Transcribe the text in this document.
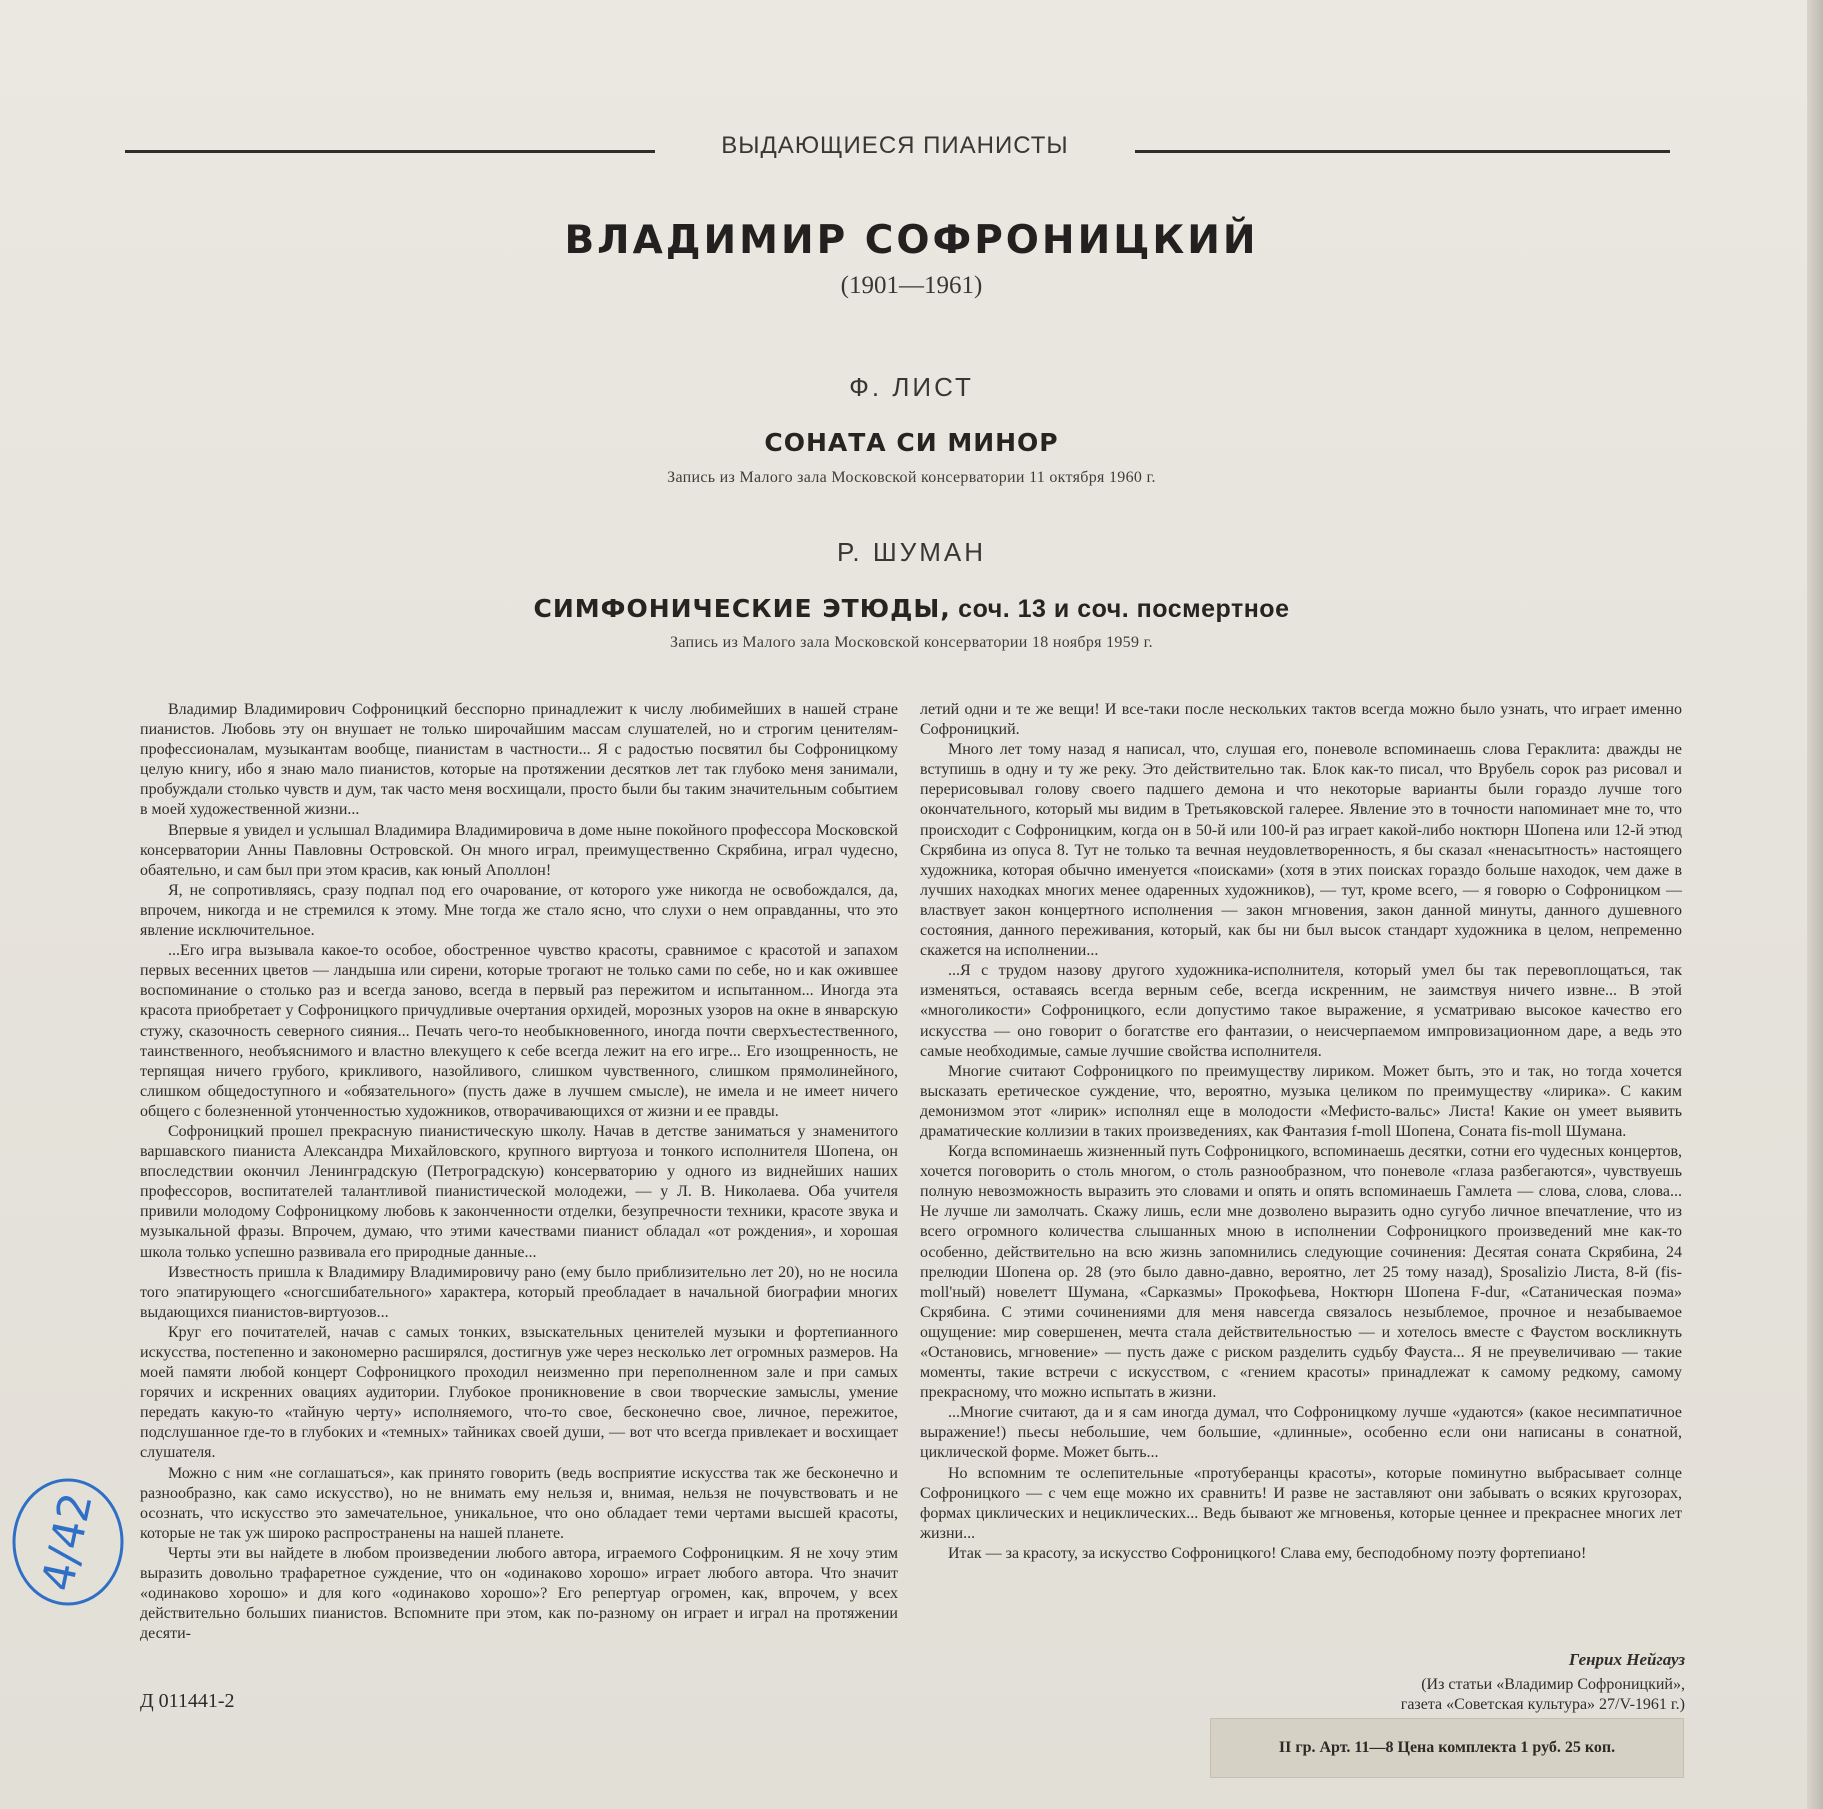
ВЫДАЮЩИЕСЯ ПИАНИСТЫ
ВЛАДИМИР СОФРОНИЦКИЙ
(1901—1961)
Ф. ЛИСТ
СОНАТА СИ МИНОР
Запись из Малого зала Московской консерватории 11 октября 1960 г.
Р. ШУМАН
СИМФОНИЧЕСКИЕ ЭТЮДЫ, соч. 13 и соч. посмертное
Запись из Малого зала Московской консерватории 18 ноября 1959 г.

Владимир Владимирович Софроницкий бесспорно принадлежит к числу любимейших в нашей стране пианистов. Любовь эту он внушает не только широчайшим массам слушателей, но и строгим ценителям-профессионалам, музыкантам вообще, пианистам в частности... Я с радостью посвятил бы Софроницкому целую книгу, ибо я знаю мало пианистов, которые на протяжении десятков лет так глубоко меня занимали, пробуждали столько чувств и дум, так часто меня восхищали, просто были бы таким значительным событием в моей художественной жизни...

Впервые я увидел и услышал Владимира Владимировича в доме ныне покойного профессора Московской консерватории Анны Павловны Островской. Он много играл, преимущественно Скрябина, играл чудесно, обаятельно, и сам был при этом красив, как юный Аполлон!

Я, не сопротивляясь, сразу подпал под его очарование, от которого уже никогда не освобождался, да, впрочем, никогда и не стремился к этому. Мне тогда же стало ясно, что слухи о нем оправданны, что это явление исключительное.

...Его игра вызывала какое-то особое, обостренное чувство красоты, сравнимое с красотой и запахом первых весенних цветов — ландыша или сирени, которые трогают не только сами по себе, но и как ожившее воспоминание о столько раз и всегда заново, всегда в первый раз пережитом и испытанном... Иногда эта красота приобретает у Софроницкого причудливые очертания орхидей, морозных узоров на окне в январскую стужу, сказочность северного сияния... Печать чего-то необыкновенного, иногда почти сверхъестественного, таинственного, необъяснимого и властно влекущего к себе всегда лежит на его игре... Его изощренность, не терпящая ничего грубого, крикливого, назойливого, слишком чувственного, слишком прямолинейного, слишком общедоступного и «обязательного» (пусть даже в лучшем смысле), не имела и не имеет ничего общего с болезненной утонченностью художников, отворачивающихся от жизни и ее правды.

Софроницкий прошел прекрасную пианистическую школу. Начав в детстве заниматься у знаменитого варшавского пианиста Александра Михайловского, крупного виртуоза и тонкого исполнителя Шопена, он впоследствии окончил Ленинградскую (Петроградскую) консерваторию у одного из виднейших наших профессоров, воспитателей талантливой пианистической молодежи, — у Л. В. Николаева. Оба учителя привили молодому Софроницкому любовь к законченности отделки, безупречности техники, красоте звука и музыкальной фразы. Впрочем, думаю, что этими качествами пианист обладал «от рождения», и хорошая школа только успешно развивала его природные данные...

Известность пришла к Владимиру Владимировичу рано (ему было приблизительно лет 20), но не носила того эпатирующего «сногсшибательного» характера, который преобладает в начальной биографии многих выдающихся пианистов-виртуозов...

Круг его почитателей, начав с самых тонких, взыскательных ценителей музыки и фортепианного искусства, постепенно и закономерно расширялся, достигнув уже через несколько лет огромных размеров. На моей памяти любой концерт Софроницкого проходил неизменно при переполненном зале и при самых горячих и искренних овациях аудитории. Глубокое проникновение в свои творческие замыслы, умение передать какую-то «тайную черту» исполняемого, что-то свое, бесконечно свое, личное, пережитое, подслушанное где-то в глубоких и «темных» тайниках своей души, — вот что всегда привлекает и восхищает слушателя.

Можно с ним «не соглашаться», как принято говорить (ведь восприятие искусства так же бесконечно и разнообразно, как само искусство), но не внимать ему нельзя и, внимая, нельзя не почувствовать и не осознать, что искусство это замечательное, уникальное, что оно обладает теми чертами высшей красоты, которые не так уж широко распространены на нашей планете.

Черты эти вы найдете в любом произведении любого автора, играемого Софроницким. Я не хочу этим выразить довольно трафаретное суждение, что он «одинаково хорошо» играет любого автора. Что значит «одинаково хорошо» и для кого «одинаково хорошо»? Его репертуар огромен, как, впрочем, у всех действительно больших пианистов. Вспомните при этом, как по-разному он играет и играл на протяжении десяти-

летий одни и те же вещи! И все-таки после нескольких тактов всегда можно было узнать, что играет именно Софроницкий.

Много лет тому назад я написал, что, слушая его, поневоле вспоминаешь слова Гераклита: дважды не вступишь в одну и ту же реку. Это действительно так. Блок как-то писал, что Врубель сорок раз рисовал и перерисовывал голову своего падшего демона и что некоторые варианты были гораздо лучше того окончательного, который мы видим в Третьяковской галерее. Явление это в точности напоминает мне то, что происходит с Софроницким, когда он в 50-й или 100-й раз играет какой-либо ноктюрн Шопена или 12-й этюд Скрябина из опуса 8. Тут не только та вечная неудовлетворенность, я бы сказал «ненасытность» настоящего художника, которая обычно именуется «поисками» (хотя в этих поисках гораздо больше находок, чем даже в лучших находках многих менее одаренных художников), — тут, кроме всего, — я говорю о Софроницком — властвует закон концертного исполнения — закон мгновения, закон данной минуты, данного душевного состояния, данного переживания, который, как бы ни был высок стандарт художника в целом, непременно скажется на исполнении...

...Я с трудом назову другого художника-исполнителя, который умел бы так перевоплощаться, так изменяться, оставаясь всегда верным себе, всегда искренним, не заимствуя ничего извне... В этой «многоликости» Софроницкого, если допустимо такое выражение, я усматриваю высокое качество его искусства — оно говорит о богатстве его фантазии, о неисчерпаемом импровизационном даре, а ведь это самые необходимые, самые лучшие свойства исполнителя.

Многие считают Софроницкого по преимуществу лириком. Может быть, это и так, но тогда хочется высказать еретическое суждение, что, вероятно, музыка целиком по преимуществу «лирика». С каким демонизмом этот «лирик» исполнял еще в молодости «Мефисто-вальс» Листа! Какие он умеет выявить драматические коллизии в таких произведениях, как Фантазия f-moll Шопена, Соната fis-moll Шумана.

Когда вспоминаешь жизненный путь Софроницкого, вспоминаешь десятки, сотни его чудесных концертов, хочется поговорить о столь многом, о столь разнообразном, что поневоле «глаза разбегаются», чувствуешь полную невозможность выразить это словами и опять и опять вспоминаешь Гамлета — слова, слова, слова... Не лучше ли замолчать. Скажу лишь, если мне дозволено выразить одно сугубо личное впечатление, что из всего огромного количества слышанных мною в исполнении Софроницкого произведений мне как-то особенно, действительно на всю жизнь запомнились следующие сочинения: Десятая соната Скрябина, 24 прелюдии Шопена ор. 28 (это было давно-давно, вероятно, лет 25 тому назад), Sposalizio Листа, 8-й (fis-moll'ный) новелетт Шумана, «Сарказмы» Прокофьева, Ноктюрн Шопена F-dur, «Сатаническая поэма» Скрябина. С этими сочинениями для меня навсегда связалось незыблемое, прочное и незабываемое ощущение: мир совершенен, мечта стала действительностью — и хотелось вместе с Фаустом воскликнуть «Остановись, мгновение» — пусть даже с риском разделить судьбу Фауста... Я не преувеличиваю — такие моменты, такие встречи с искусством, с «гением красоты» принадлежат к самому редкому, самому прекрасному, что можно испытать в жизни.

...Многие считают, да и я сам иногда думал, что Софроницкому лучше «удаются» (какое несимпатичное выражение!) пьесы небольшие, чем большие, «длинные», особенно если они написаны в сонатной, циклической форме. Может быть...

Но вспомним те ослепительные «протуберанцы красоты», которые поминутно выбрасывает солнце Софроницкого — с чем еще можно их сравнить! И разве не заставляют они забывать о всяких кругозорах, формах циклических и нециклических... Ведь бывают же мгновенья, которые ценнее и прекраснее многих лет жизни...

Итак — за красоту, за искусство Софроницкого! Слава ему, бесподобному поэту фортепиано!

Генрих Нейгауз
(Из статьи «Владимир Софроницкий»,
газета «Советская культура» 27/V-1961 г.)
Д 011441-2
II гр. Арт. 11—8 Цена комплекта 1 руб. 25 коп.
4/42
